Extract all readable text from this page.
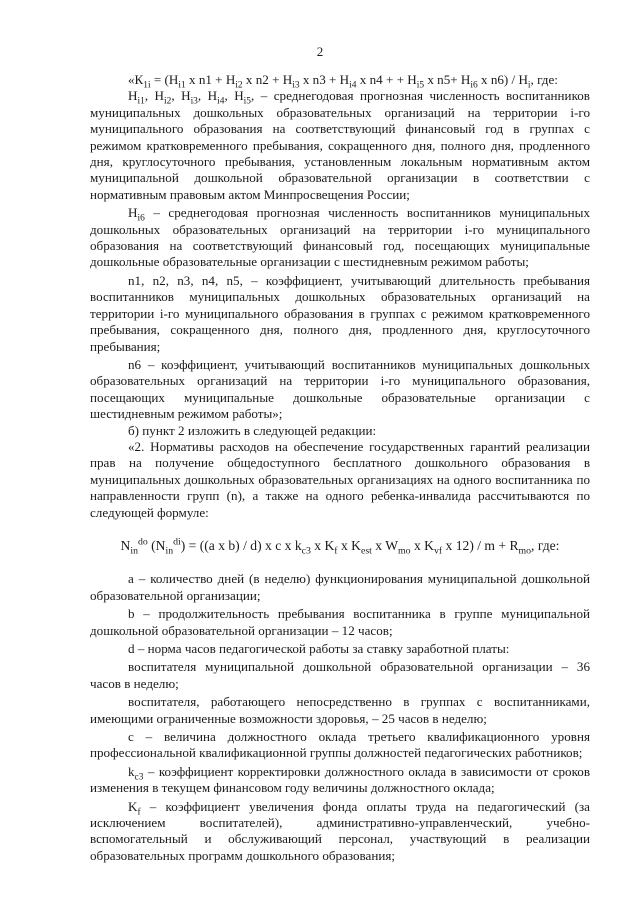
2

«$К_{1i} = (Н_{i1}$ x $n1 + Н_{i2}$ x $n2 + Н_{i3}$ x $n3 + Н_{i4}$ x n4 + + $Н_{i5}$ x $n5+ Н_{i6}$ x $n6) / Н_i$, где:

$Н_{i1}$, $Н_{i2}$, $Н_{i3}$, $Н_{i4}$, $Н_{i5}$, – среднегодовая прогнозная численность воспитанников муниципальных дошкольных образовательных организаций на территории i-го муниципального образования на соответствующий финансовый год в группах с режимом кратковременного пребывания, сокращенного дня, полного дня, продленного дня, круглосуточного пребывания, установленным локальным нормативным актом муниципальной дошкольной образовательной организации в соответствии с нормативным правовым актом Минпросвещения России;

$Н_{i6}$ – среднегодовая прогнозная численность воспитанников муниципальных дошкольных образовательных организаций на территории i-го муниципального образования на соответствующий финансовый год, посещающих муниципальные дошкольные образовательные организации с шестидневным режимом работы;

n1, n2, n3, n4, n5, – коэффициент, учитывающий длительность пребывания воспитанников муниципальных дошкольных образовательных организаций на территории i-го муниципального образования в группах с режимом кратковременного пребывания, сокращенного дня, полного дня, продленного дня, круглосуточного пребывания;

n6 – коэффициент, учитывающий воспитанников муниципальных дошкольных образовательных организаций на территории i-го муниципального образования, посещающих муниципальные дошкольные образовательные организации с шестидневным режимом работы»;

б) пункт 2 изложить в следующей редакции:

«2. Нормативы расходов на обеспечение государственных гарантий реализации прав на получение общедоступного бесплатного дошкольного образования в муниципальных дошкольных образовательных организациях на одного воспитанника по направленности групп (n), а также на одного ребенка-инвалида рассчитываются по следующей формуле:

$N_{in}^{do}$ $(N_{in}^{di}) = ((a$ x b) / d) x c x $k_{c3}$ x $K_f$ x $K_{est}$ x $W_{mo}$ x $K_{vf}$ x $12) / m + R_{mo}$, где:

a – количество дней (в неделю) функционирования муниципальной дошкольной образовательной организации;

b – продолжительность пребывания воспитанника в группе муниципальной дошкольной образовательной организации – 12 часов;

d – норма часов педагогической работы за ставку заработной платы:

воспитателя муниципальной дошкольной образовательной организации – 36 часов в неделю;

воспитателя, работающего непосредственно в группах с воспитанниками, имеющими ограниченные возможности здоровья, – 25 часов в неделю;

c – величина должностного оклада третьего квалификационного уровня профессиональной квалификационной группы должностей педагогических работников;

$k_{c3}$ – коэффициент корректировки должностного оклада в зависимости от сроков изменения в текущем финансовом году величины должностного оклада;

$K_f$ – коэффициент увеличения фонда оплаты труда на педагогический (за исключением воспитателей), административно-управленческий, учебно-вспомогательный и обслуживающий персонал, участвующий в реализации образовательных программ дошкольного образования;
